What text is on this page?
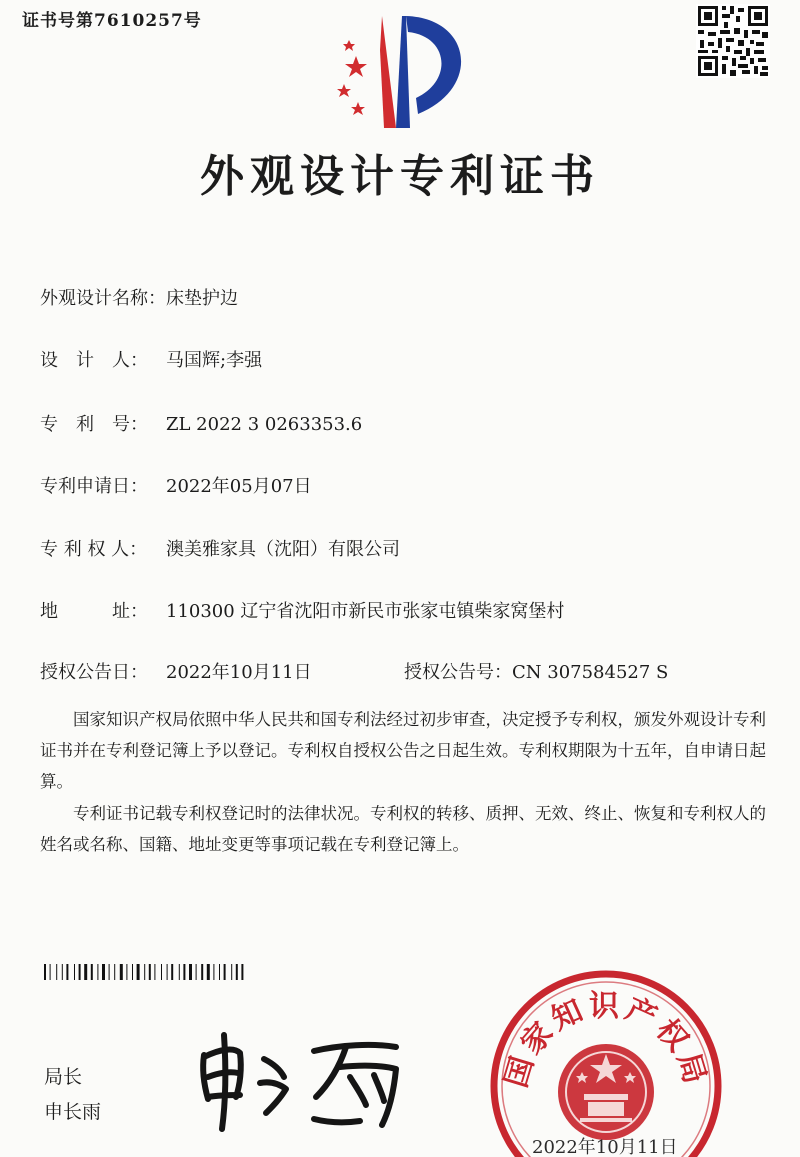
证书号第7610257号
外观设计专利证书
外观设计名称：床垫护边
设　计　人： 马国辉;李强
专　利　号： ZL 2022 3 0263353.6
专利申请日： 2022年05月07日
专 利 权 人： 澳美雅家具（沈阳）有限公司
地　　　址： 110300 辽宁省沈阳市新民市张家屯镇柴家窝堡村
授权公告日： 2022年10月11日	授权公告号：CN 307584527 S

国家知识产权局依照中华人民共和国专利法经过初步审查，决定授予专利权，颁发外观设计专利证书并在专利登记簿上予以登记。专利权自授权公告之日起生效。专利权期限为十五年，自申请日起算。

专利证书记载专利权登记时的法律状况。专利权的转移、质押、无效、终止、恢复和专利权人的姓名或名称、国籍、地址变更等事项记载在专利登记簿上。

局长
申长雨
国家知识产权局
2022年10月11日
